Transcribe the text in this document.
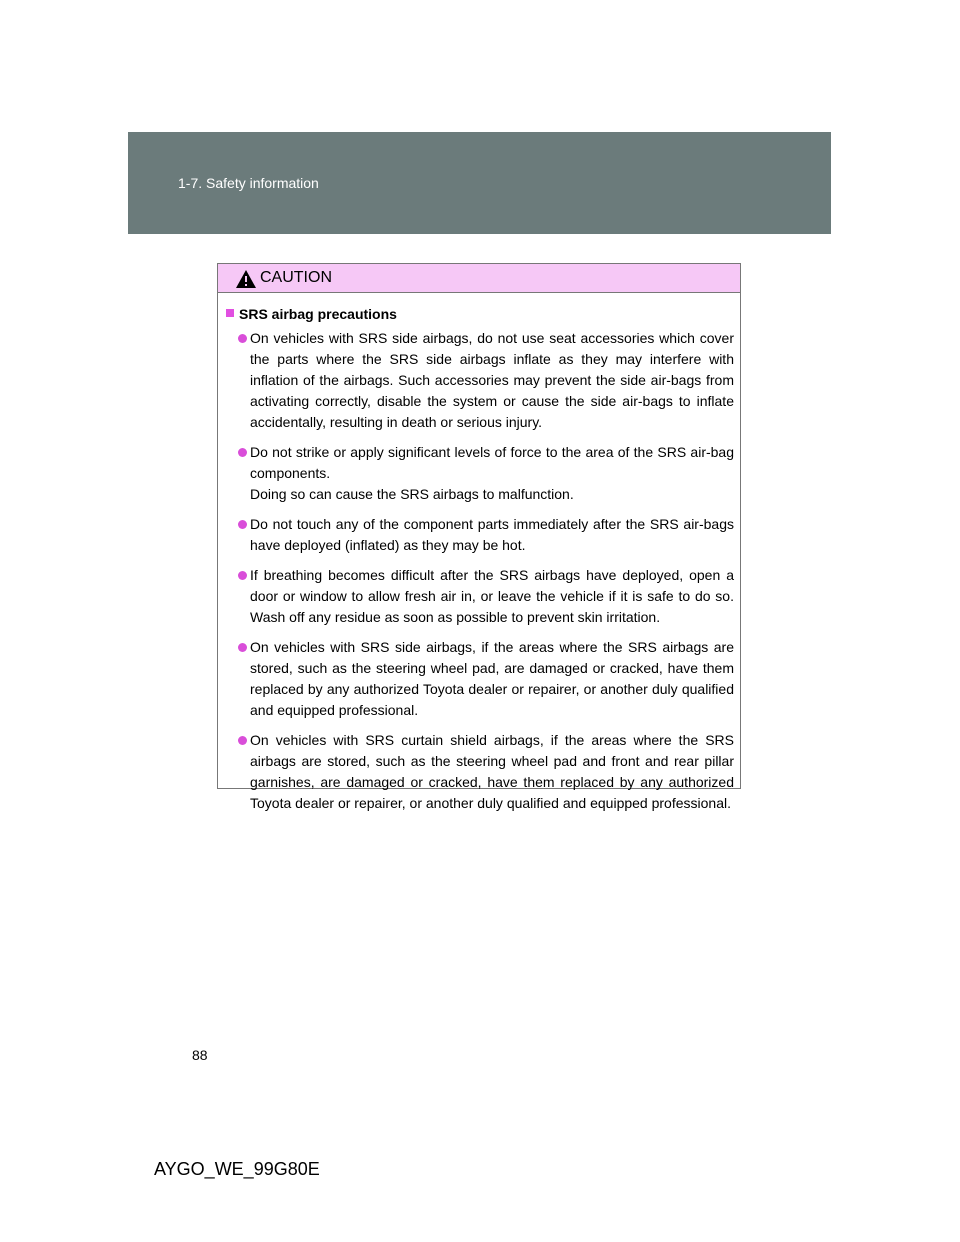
1-7. Safety information
CAUTION
SRS airbag precautions
On vehicles with SRS side airbags, do not use seat accessories which cover the parts where the SRS side airbags inflate as they may interfere with inflation of the airbags. Such accessories may prevent the side air-bags from activating correctly, disable the system or cause the side air-bags to inflate accidentally, resulting in death or serious injury.
Do not strike or apply significant levels of force to the area of the SRS air-bag components.
Doing so can cause the SRS airbags to malfunction.
Do not touch any of the component parts immediately after the SRS air-bags have deployed (inflated) as they may be hot.
If breathing becomes difficult after the SRS airbags have deployed, open a door or window to allow fresh air in, or leave the vehicle if it is safe to do so. Wash off any residue as soon as possible to prevent skin irritation.
On vehicles with SRS side airbags, if the areas where the SRS airbags are stored, such as the steering wheel pad, are damaged or cracked, have them replaced by any authorized Toyota dealer or repairer, or another duly qualified and equipped professional.
On vehicles with SRS curtain shield airbags, if the areas where the SRS airbags are stored, such as the steering wheel pad and front and rear pillar garnishes, are damaged or cracked, have them replaced by any authorized Toyota dealer or repairer, or another duly qualified and equipped professional.
88
AYGO_WE_99G80E
